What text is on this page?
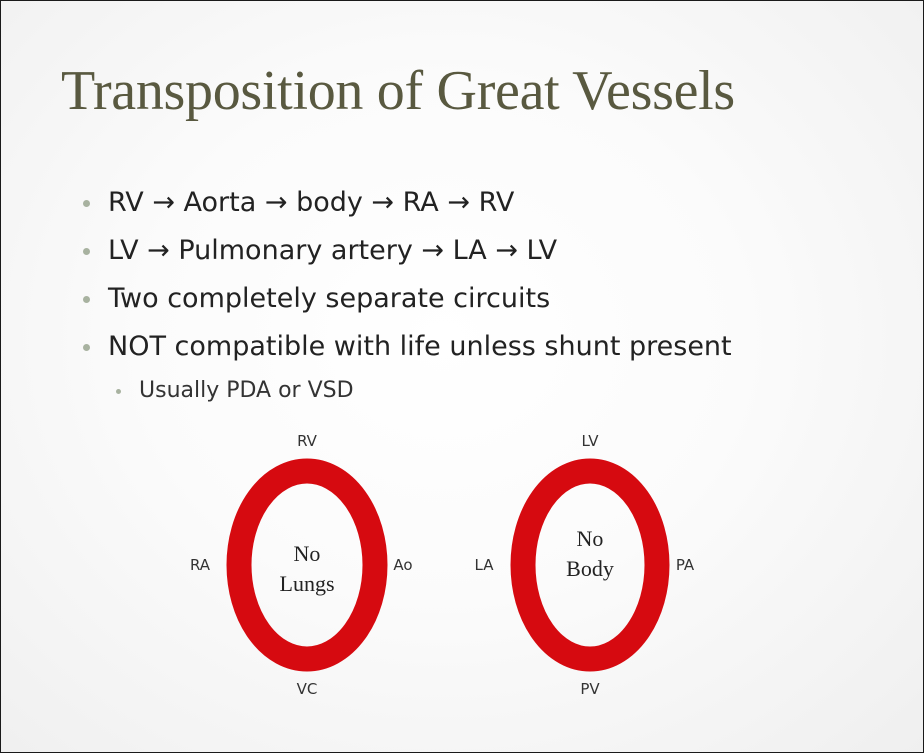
Transposition of Great Vessels
RV → Aorta → body → RA → RV
LV → Pulmonary artery → LA → LV
Two completely separate circuits
NOT compatible with life unless shunt present
Usually PDA or VSD
RV
Ao
VC
RA	No
Lungs
LV
PA
PV
LA
No
Body
